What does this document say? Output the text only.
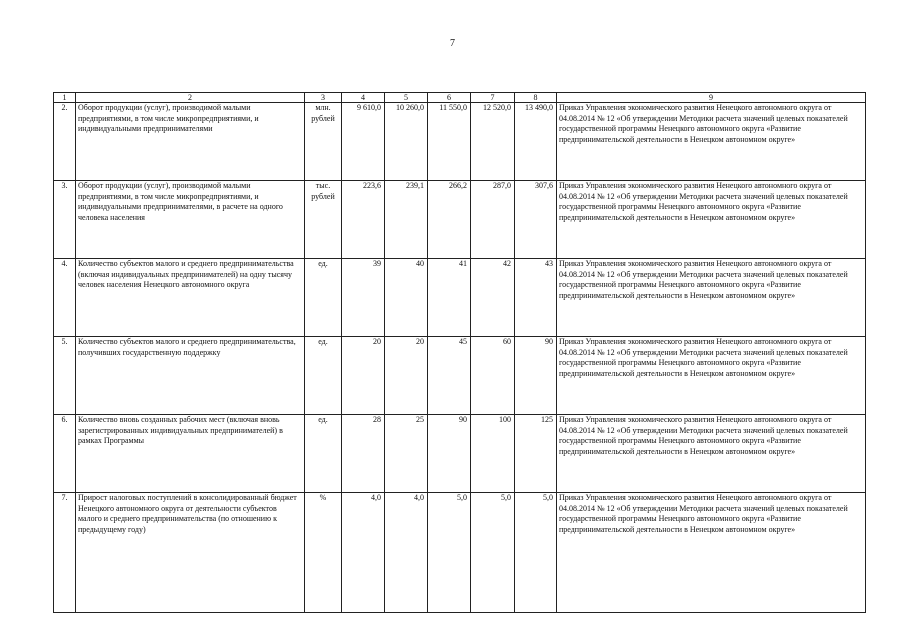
7
1	2	3	4	5	6	7	8	9
2.	Оборот продукции (услуг), производимой малыми предприятиями, в том числе микропредприятиями, и индивидуальными предпринимателями	млн. рублей	9 610,0	10 260,0	11 550,0	12 520,0	13 490,0	Приказ Управления экономического развития Ненецкого автономного округа от 04.08.2014 № 12 «Об утверждении Методики расчета значений целевых показателей государственной программы Ненецкого автономного округа «Развитие предпринимательской деятельности в Ненецком автономном округе»
3.	Оборот продукции (услуг), производимой малыми предприятиями, в том числе микропредприятиями, и индивидуальными предпринимателями, в расчете на одного человека населения	тыс. рублей	223,6	239,1	266,2	287,0	307,6	Приказ Управления экономического развития Ненецкого автономного округа от 04.08.2014 № 12 «Об утверждении Методики расчета значений целевых показателей государственной программы Ненецкого автономного округа «Развитие предпринимательской деятельности в Ненецком автономном округе»
4.	Количество субъектов малого и среднего предпринимательства (включая индивидуальных предпринимателей) на одну тысячу человек населения Ненецкого автономного округа	ед.	39	40	41	42	43	Приказ Управления экономического развития Ненецкого автономного округа от 04.08.2014 № 12 «Об утверждении Методики расчета значений целевых показателей государственной программы Ненецкого автономного округа «Развитие предпринимательской деятельности в Ненецком автономном округе»
5.	Количество субъектов малого и среднего предпринимательства, получивших государственную поддержку	ед.	20	20	45	60	90	Приказ Управления экономического развития Ненецкого автономного округа от 04.08.2014 № 12 «Об утверждении Методики расчета значений целевых показателей государственной программы Ненецкого автономного округа «Развитие предпринимательской деятельности в Ненецком автономном округе»
6.	Количество вновь созданных рабочих мест (включая вновь зарегистрированных индивидуальных предпринимателей) в рамках Программы	ед.	28	25	90	100	125	Приказ Управления экономического развития Ненецкого автономного округа от 04.08.2014 № 12 «Об утверждении Методики расчета значений целевых показателей государственной программы Ненецкого автономного округа «Развитие предпринимательской деятельности в Ненецком автономном округе»
7.	Прирост налоговых поступлений в консолидированный бюджет Ненецкого автономного округа от деятельности субъектов малого и среднего предпринимательства (по отношению к предыдущему году)	%	4,0	4,0	5,0	5,0	5,0	Приказ Управления экономического развития Ненецкого автономного округа от 04.08.2014 № 12 «Об утверждении Методики расчета значений целевых показателей государственной программы Ненецкого автономного округа «Развитие предпринимательской деятельности в Ненецком автономном округе»
